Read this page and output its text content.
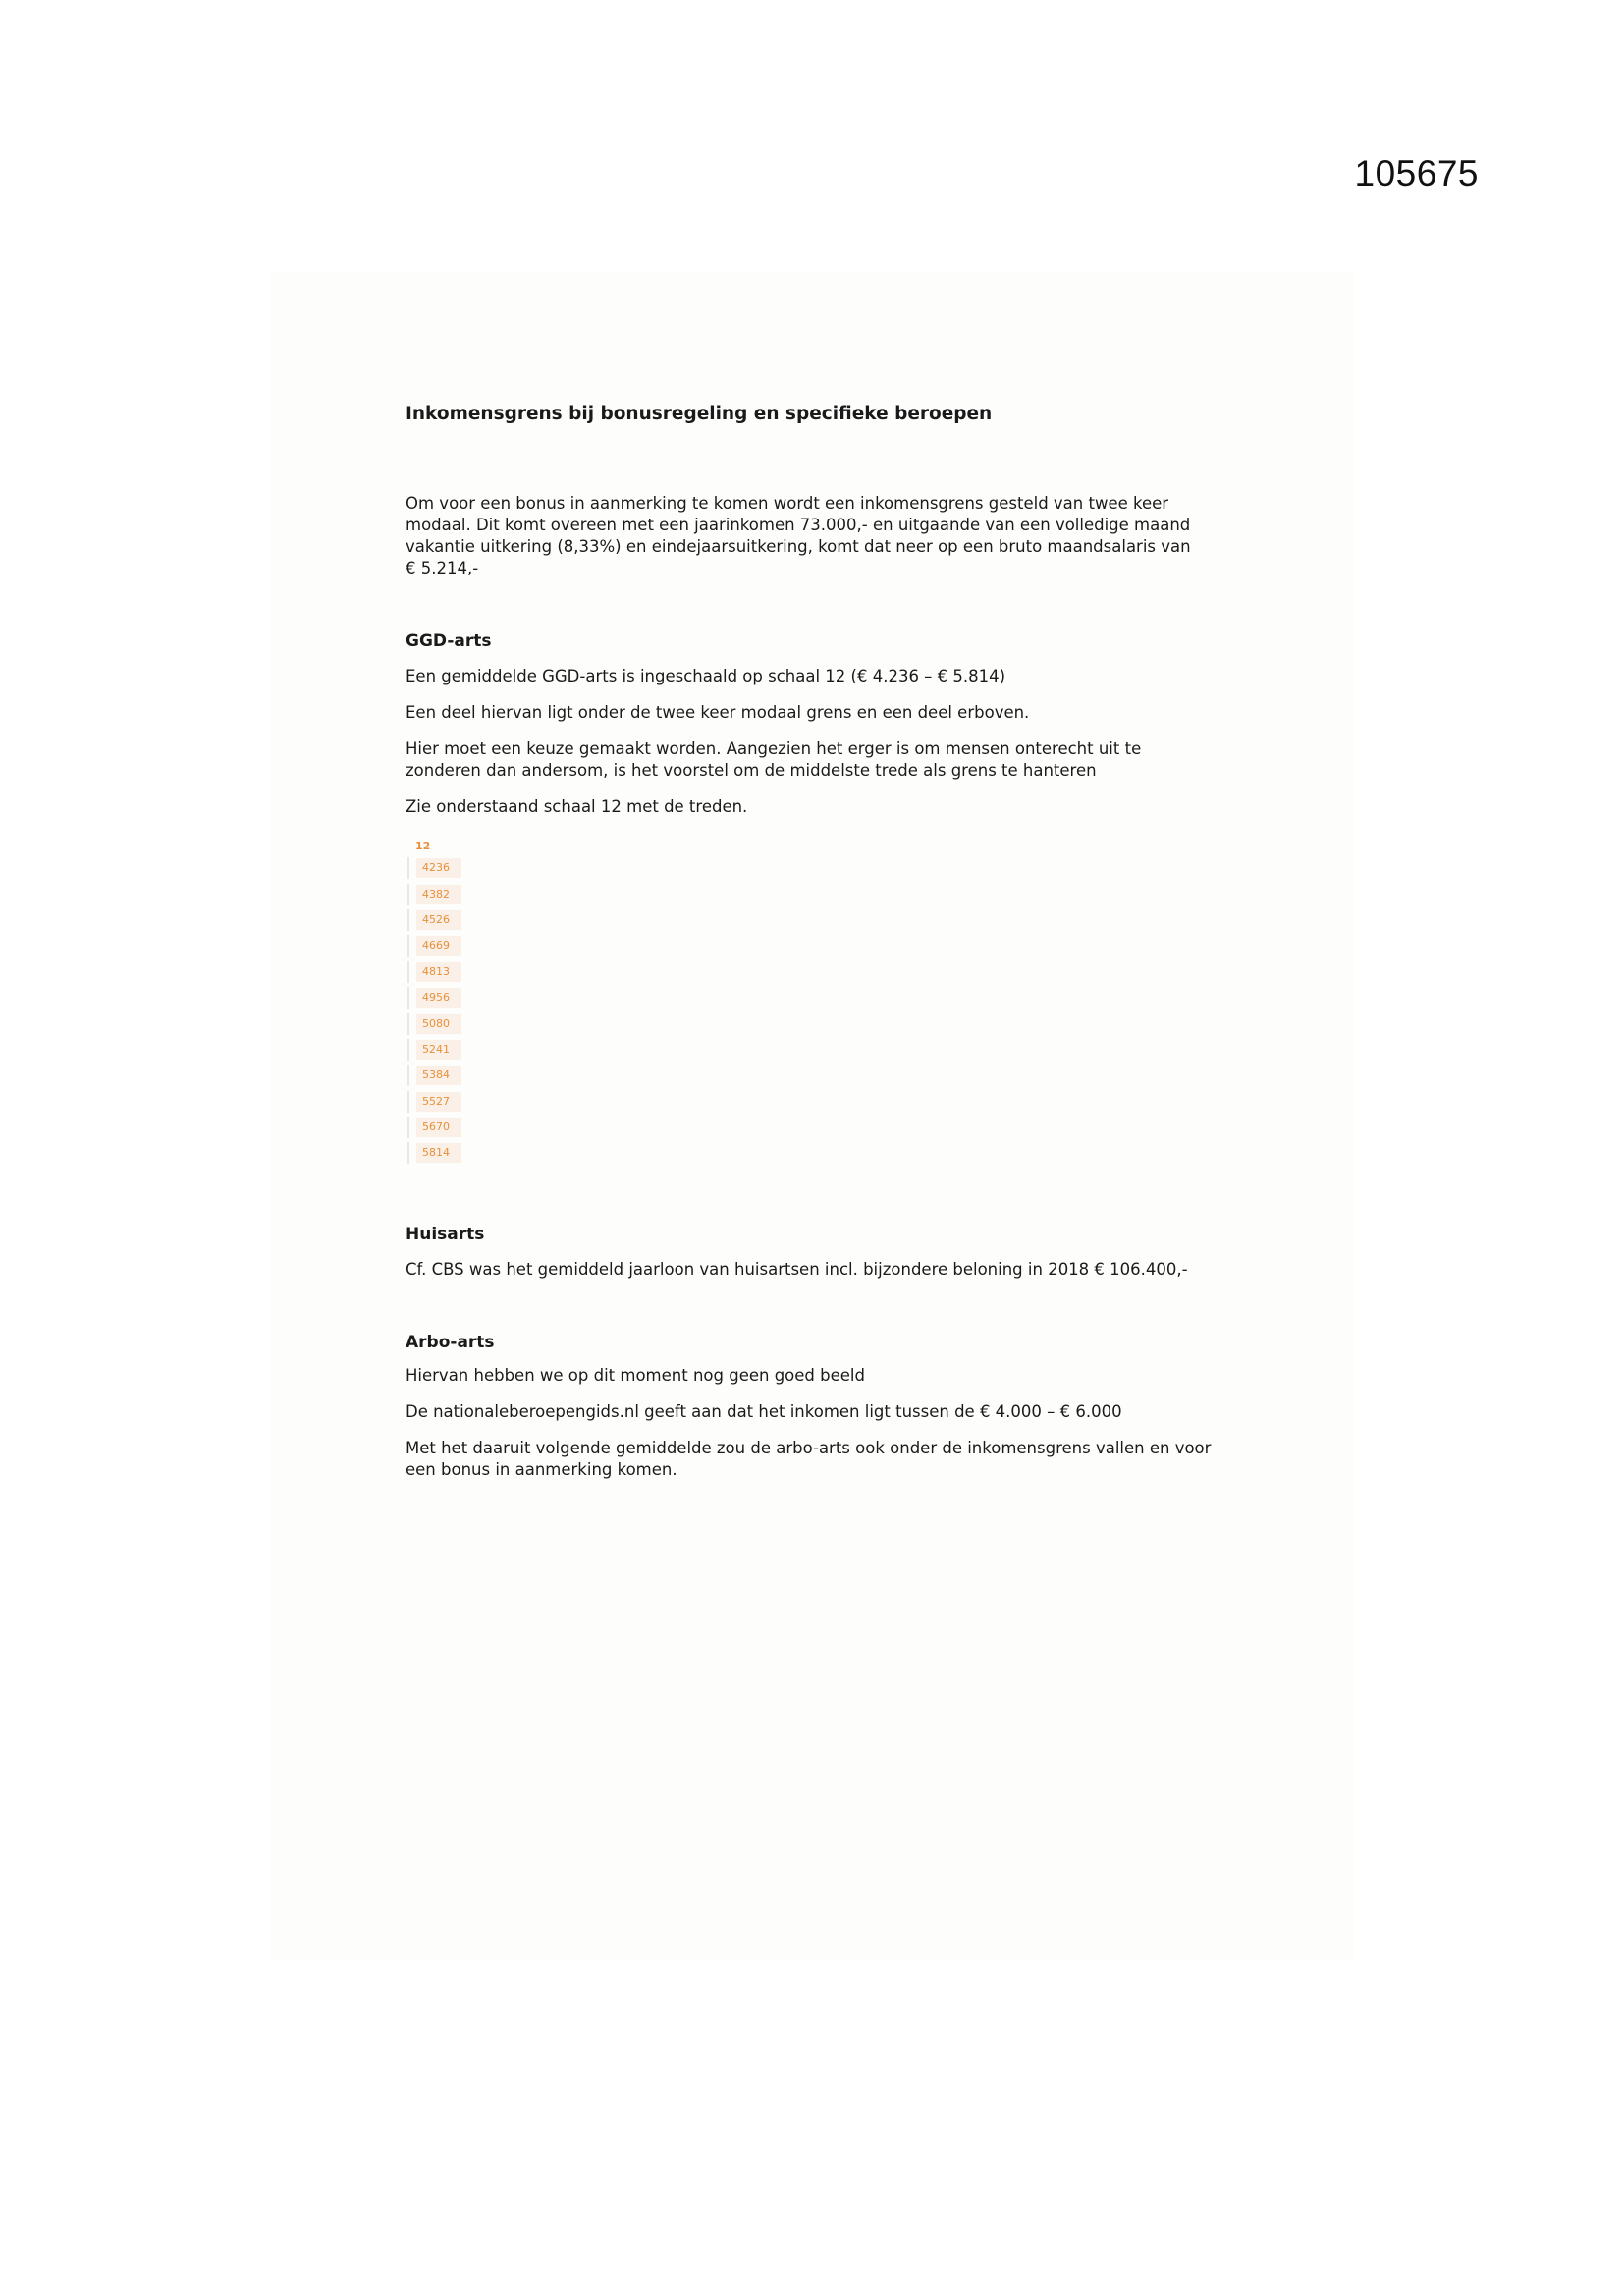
105675
Inkomensgrens bij bonusregeling en specifieke beroepen

Om voor een bonus in aanmerking te komen wordt een inkomensgrens gesteld van twee keer

modaal. Dit komt overeen met een jaarinkomen 73.000,- en uitgaande van een volledige maand

vakantie uitkering (8,33%) en eindejaarsuitkering, komt dat neer op een bruto maandsalaris van

€ 5.214,-

GGD-arts

Een gemiddelde GGD-arts is ingeschaald op schaal 12 (€ 4.236 – € 5.814)

Een deel hiervan ligt onder de twee keer modaal grens en een deel erboven.

Hier moet een keuze gemaakt worden. Aangezien het erger is om mensen onterecht uit te

zonderen dan andersom, is het voorstel om de middelste trede als grens te hanteren

Zie onderstaand schaal 12 met de treden.

12
4236
4382
4526
4669
4813
4956
5080
5241
5384
5527
5670
5814
Huisarts

Cf. CBS was het gemiddeld jaarloon van huisartsen incl. bijzondere beloning in 2018 € 106.400,-

Arbo-arts

Hiervan hebben we op dit moment nog geen goed beeld

De nationaleberoepengids.nl geeft aan dat het inkomen ligt tussen de € 4.000 – € 6.000

Met het daaruit volgende gemiddelde zou de arbo-arts ook onder de inkomensgrens vallen en voor

een bonus in aanmerking komen.
